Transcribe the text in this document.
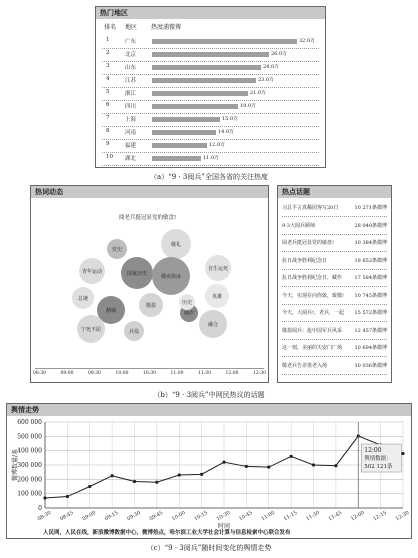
热门地区
排名 地区 热度浦微博
1	广东	32.0万
2	北京	26.0万
3	山东	24.0万
4	江苏	23.0万
5	浙江	21.0万
6	四川	19.0万
7	上海	15.0万
8	河南	14.0万
9	福建	12.0万
10 湖北	11.0万
（a）“9 · 3阅兵”全国各省的关注热度
热词动态
阅老兵挺冠显党的敏盘!
敬礼
党史
国家历史	俄卖徐冰
青年运动	自生运死
英雄
总统
精城
敬盈
呐声
宁死不屈	兵役
历史
融合
08:30	09:00	09:30	10:00	10:30	11:00	11:30	12:00	12:30
热点话题
习总平言真稀园客写20日	10 271条微博
9·3大阅兵顾师	28 040条微博
阅老兵挺冠显党的敏盘!	10 384条微博
抗日战争胜利纪念日	18 652条微博
抗日战争胜利纪念日，藏作 17 584条微博
今天，实现在向你致，致敬! 10 745条微博
今天，大阅兵!，老兵，一起 15 572条微博
敬盈阅兵：抢中国军兵风采 12 457条微博
这一刻，美丽的天安门广场 10 694条微博
敬老兵告差墨老入场	10 036条微博
（b）“9 · 3阅兵”中网民热议的话题
舆情走势
0
100 000
200 000
300 000
400 000
500 000
600 000
08:30 08:45 09:00 09:15 09:30 09:45 10:00 10:15 10:30 10:45 11:00 11:15 11:30 11:45 12:00 12:15 12:30
微博数量/条
时间
12:00
舆情数据：
502 121条
人民网，人民在线，新浪微博数据中心，微博热点，哈尔滨工业大学社会计算与信息检索中心联合发布
（c）“9 · 3阅兵”随时间变化的舆情走势
